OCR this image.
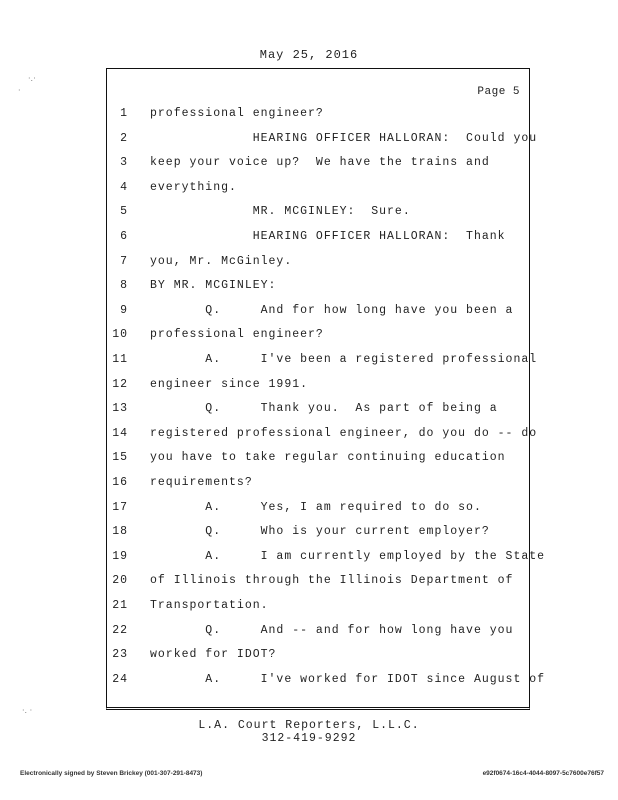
May 25, 2016
Page 5
1 professional engineer?
2 HEARING OFFICER HALLORAN:  Could you
3 keep your voice up?  We have the trains and
4 everything.
5 MR. MCGINLEY:  Sure.
6 HEARING OFFICER HALLORAN:  Thank
7 you, Mr. McGinley.
8 BY MR. MCGINLEY:
9 Q.     And for how long have you been a
10 professional engineer?
11 A.     I've been a registered professional
12 engineer since 1991.
13 Q.     Thank you.  As part of being a
14 registered professional engineer, do you do -- do
15 you have to take regular continuing education
16 requirements?
17 A.     Yes, I am required to do so.
18 Q.     Who is your current employer?
19 A.     I am currently employed by the State
20 of Illinois through the Illinois Department of
21 Transportation.
22 Q.     And -- and for how long have you
23 worked for IDOT?
24 A.     I've worked for IDOT since August of
L.A. Court Reporters, L.L.C.
312-419-9292
Electronically signed by Steven Brickey (001-307-291-8473)	e92f0674-16c4-4044-8097-5c7600e76f57
·.·
·
·. ·
